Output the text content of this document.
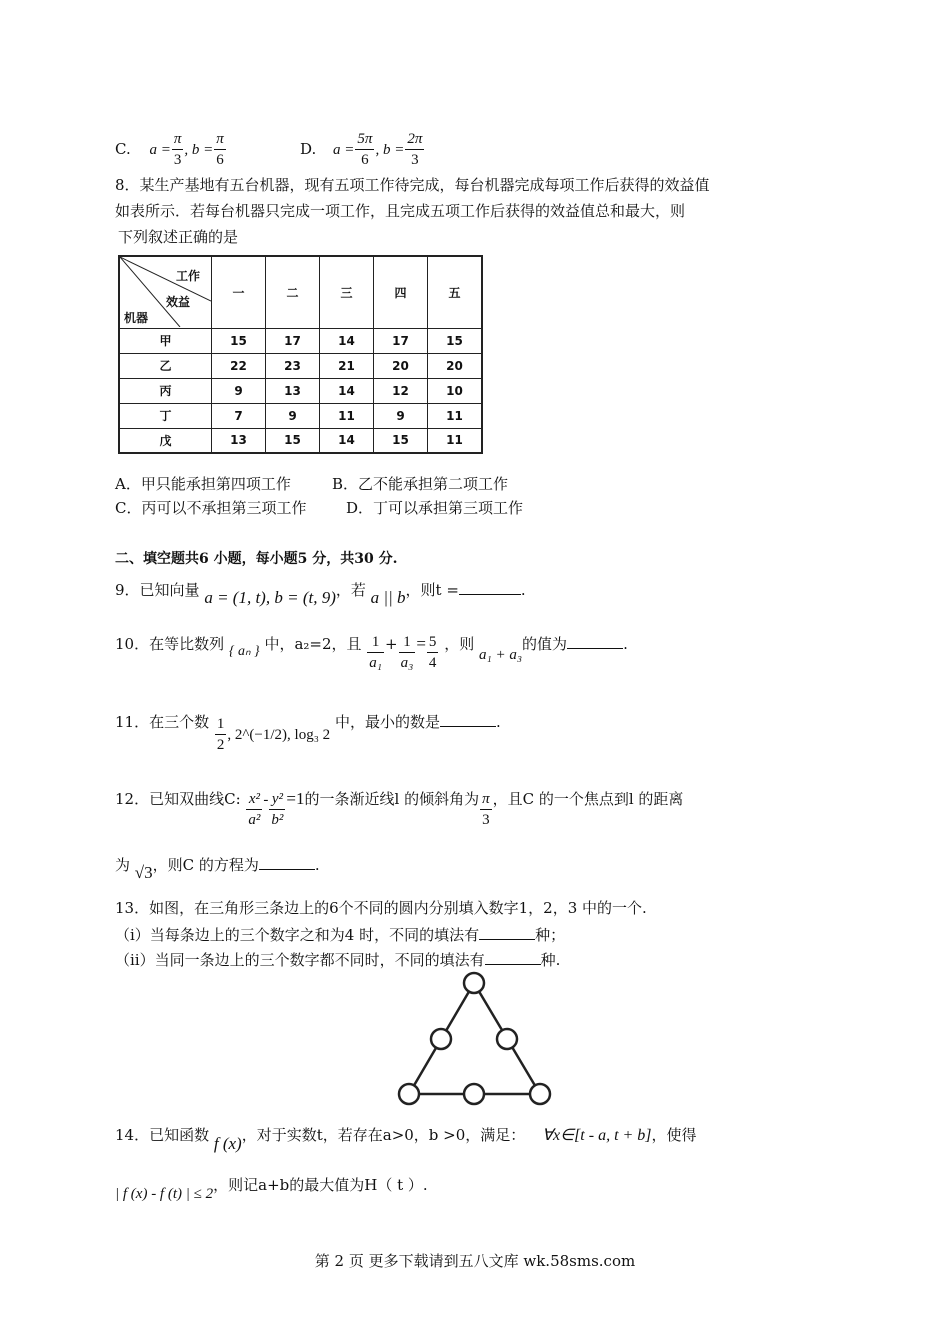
C. $a = \frac{\pi}{3}$ , $b = \frac{\pi}{6}$	D. $a = \frac{5\pi}{6}$ , $b = \frac{2\pi}{3}$
8．某生产基地有五台机器，现有五项工作待完成，每台机器完成每项工作后获得的效益值
如表所示．若每台机器只完成一项工作，且完成五项工作后获得的效益值总和最大，则
下列叙述正确的是
工作
效益
机器	一	二	三	四	五
甲	15	17	14	17	15
乙	22	23	21	20	20
丙	9	13	14	12	10
丁	7	9	11	9	11
戊	13	15	14	15	11
A．甲只能承担第四项工作	B．乙不能承担第二项工作
C．丙可以不承担第三项工作	D．丁可以承担第三项工作
二、填空题共6 小题，每小题5 分，共30 分.
9．已知向量 a = (1, t), b = (t, 9)，若 a || b，则t =	.
10．在等比数列 { aₙ } 中，a₂=2，且 $\frac{1}{\text{a₁}} + \frac{1}{\text{a₃}} = \frac{5}{4}$ ，则 a₁ + a₃的值为	.
11．在三个数 $\frac{1}{2}$ , 2^(−1/2), log₃ 2 中，最小的数是	.
12．已知双曲线C: $\frac{\text{x²}}{\text{a²}} - \frac{\text{y²}}{\text{b²}} =1$的一条渐近线l 的倾斜角为 $\frac{\pi}{3}$ ，且C 的一个焦点到l 的距离
为 √3，则C 的方程为	.
13．如图，在三角形三条边上的6个不同的圆内分别填入数字1，2，3 中的一个.
（ⅰ）当每条边上的三个数字之和为4 时，不同的填法有	种；
（ⅱ）当同一条边上的三个数字都不同时，不同的填法有	种.
14．已知函数 f (x)，对于实数t，若存在a>0，b >0，满足： ∀x∈[t - a, t + b]，使得
| f (x) - f (t) | ≤ 2，则记a+b的最大值为H（ t ）.
第 2 页 更多下载请到五八文库 wk.58sms.com
